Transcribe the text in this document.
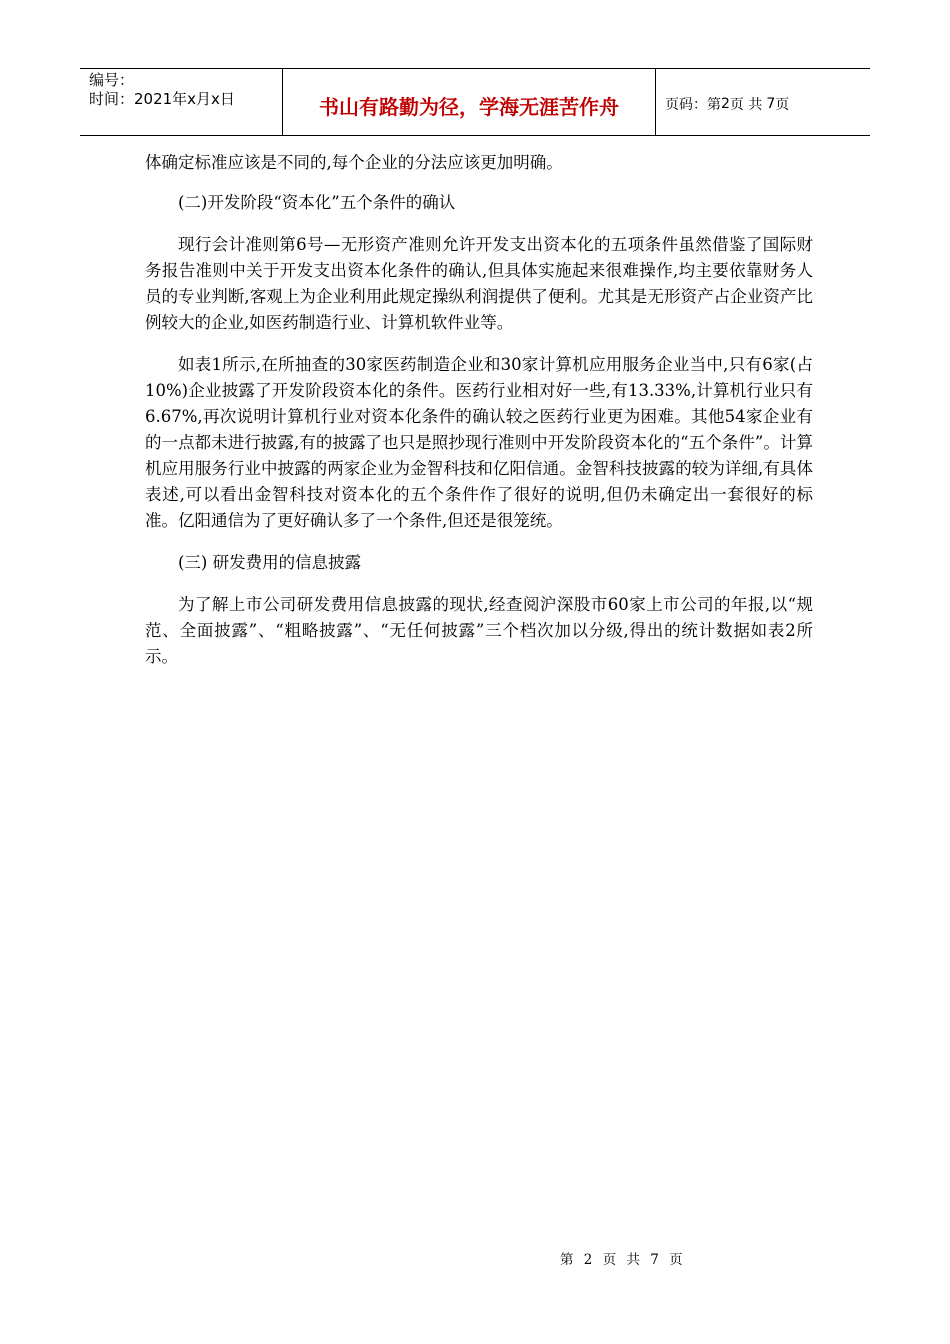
编号：
时间：2021年x月x日	书山有路勤为径，学海无涯苦作舟	页码：第 2 页 共 7 页

体确定标准应该是不同的,每个企业的分法应该更加明确。

(二)开发阶段“资本化”五个条件的确认

现行会计准则第6号—无形资产准则允许开发支出资本化的五项条件虽然借鉴了国际财务报告准则中关于开发支出资本化条件的确认,但具体实施起来很难操作,均主要依靠财务人员的专业判断,客观上为企业利用此规定操纵利润提供了便利。尤其是无形资产占企业资产比例较大的企业,如医药制造行业、计算机软件业等。

如表1所示,在所抽查的30家医药制造企业和30家计算机应用服务企业当中,只有6家(占10%)企业披露了开发阶段资本化的条件。医药行业相对好一些,有13.33%,计算机行业只有6.67%,再次说明计算机行业对资本化条件的确认较之医药行业更为困难。其他54家企业有的一点都未进行披露,有的披露了也只是照抄现行准则中开发阶段资本化的“五个条件”。计算机应用服务行业中披露的两家企业为金智科技和亿阳信通。金智科技披露的较为详细,有具体表述,可以看出金智科技对资本化的五个条件作了很好的说明,但仍未确定出一套很好的标准。亿阳通信为了更好确认多了一个条件,但还是很笼统。

(三) 研发费用的信息披露

为了解上市公司研发费用信息披露的现状,经查阅沪深股市60家上市公司的年报,以“规范、全面披露”、“粗略披露”、“无任何披露”三个档次加以分级,得出的统计数据如表2所示。

第 2 页 共 7 页
